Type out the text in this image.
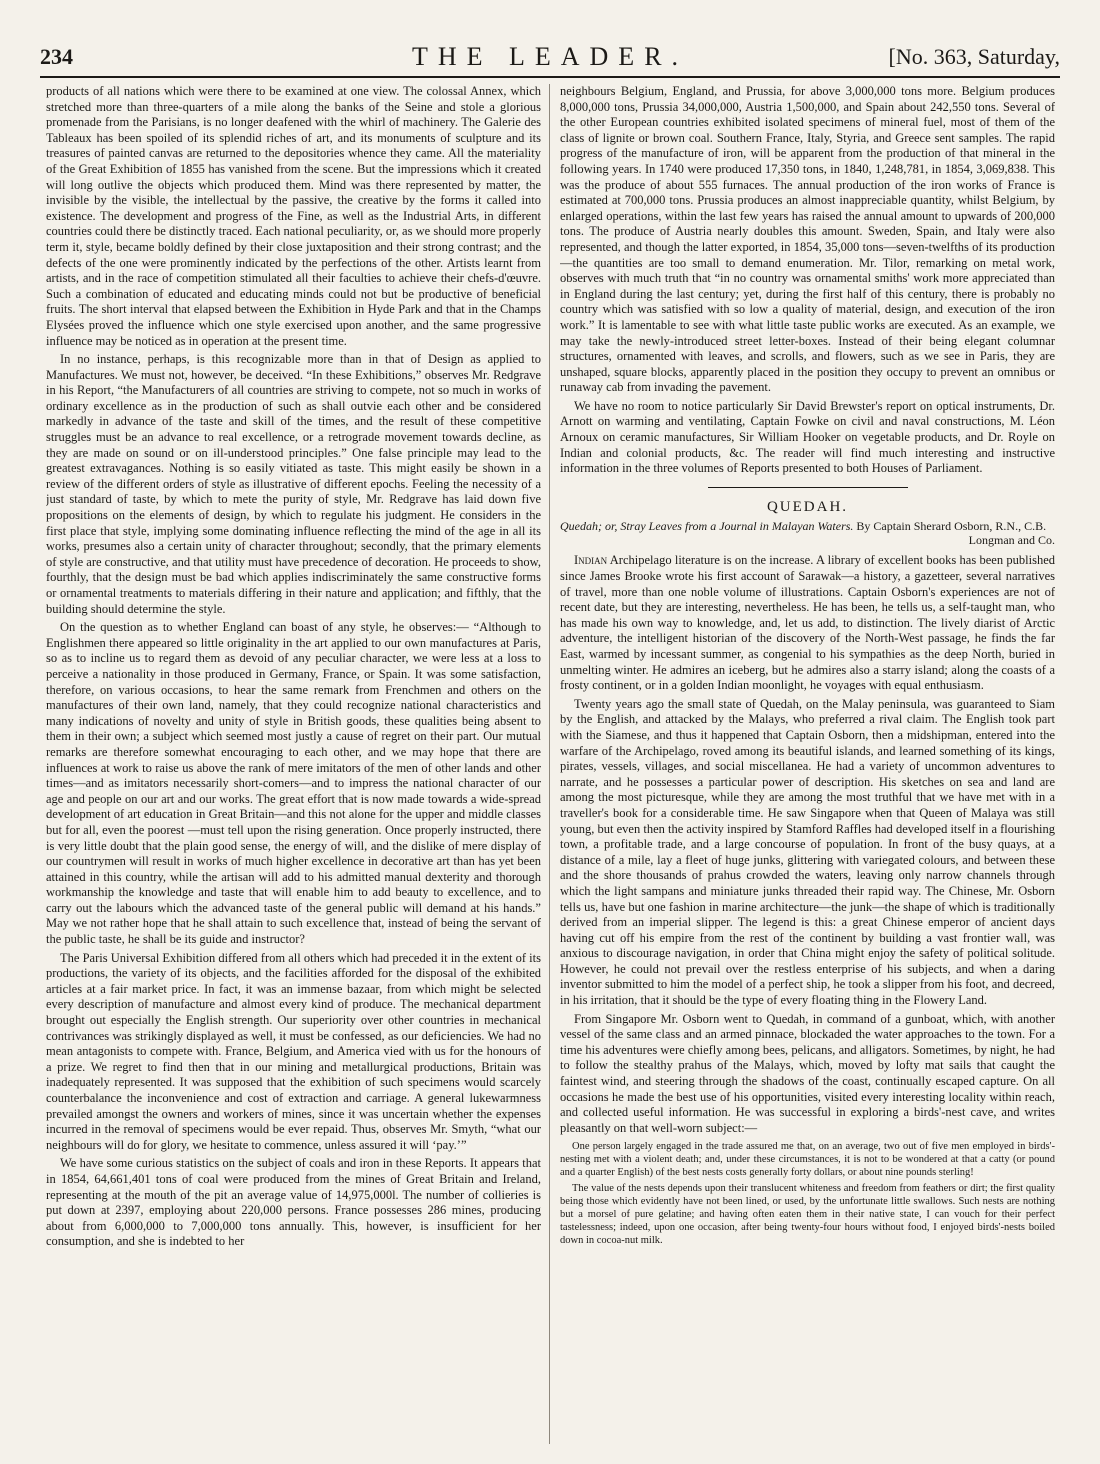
234	THE LEADER.	[No. 363, Saturday,

products of all nations which were there to be examined at one view. The colossal Annex, which stretched more than three-quarters of a mile along the banks of the Seine and stole a glorious promenade from the Parisians, is no longer deafened with the whirl of machinery. The Galerie des Tableaux has been spoiled of its splendid riches of art, and its monuments of sculpture and its treasures of painted canvas are returned to the depositories whence they came. All the materiality of the Great Exhibition of 1855 has vanished from the scene. But the impressions which it created will long outlive the objects which produced them. Mind was there represented by matter, the invisible by the visible, the intellectual by the passive, the creative by the forms it called into existence. The development and progress of the Fine, as well as the Industrial Arts, in different countries could there be distinctly traced. Each national peculiarity, or, as we should more properly term it, style, became boldly defined by their close juxtaposition and their strong contrast; and the defects of the one were prominently indicated by the perfections of the other. Artists learnt from artists, and in the race of competition stimulated all their faculties to achieve their chefs-d'œuvre. Such a combination of educated and educating minds could not but be productive of beneficial fruits. The short interval that elapsed between the Exhibition in Hyde Park and that in the Champs Elysées proved the influence which one style exercised upon another, and the same progressive influence may be noticed as in operation at the present time.

In no instance, perhaps, is this recognizable more than in that of Design as applied to Manufactures. We must not, however, be deceived. “In these Exhibitions,” observes Mr. Redgrave in his Report, “the Manufacturers of all countries are striving to compete, not so much in works of ordinary excellence as in the production of such as shall outvie each other and be considered markedly in advance of the taste and skill of the times, and the result of these competitive struggles must be an advance to real excellence, or a retrograde movement towards decline, as they are made on sound or on ill-understood principles.” One false principle may lead to the greatest extravagances. Nothing is so easily vitiated as taste. This might easily be shown in a review of the different orders of style as illustrative of different epochs. Feeling the necessity of a just standard of taste, by which to mete the purity of style, Mr. Redgrave has laid down five propositions on the elements of design, by which to regulate his judgment. He considers in the first place that style, implying some dominating influence reflecting the mind of the age in all its works, presumes also a certain unity of character throughout; secondly, that the primary elements of style are constructive, and that utility must have precedence of decoration. He proceeds to show, fourthly, that the design must be bad which applies indiscriminately the same constructive forms or ornamental treatments to materials differing in their nature and application; and fifthly, that the building should determine the style.

On the question as to whether England can boast of any style, he observes:— “Although to Englishmen there appeared so little originality in the art applied to our own manufactures at Paris, so as to incline us to regard them as devoid of any peculiar character, we were less at a loss to perceive a nationality in those produced in Germany, France, or Spain. It was some satisfaction, therefore, on various occasions, to hear the same remark from Frenchmen and others on the manufactures of their own land, namely, that they could recognize national characteristics and many indications of novelty and unity of style in British goods, these qualities being absent to them in their own; a subject which seemed most justly a cause of regret on their part. Our mutual remarks are therefore somewhat encouraging to each other, and we may hope that there are influences at work to raise us above the rank of mere imitators of the men of other lands and other times—and as imitators necessarily short-comers—and to impress the national character of our age and people on our art and our works. The great effort that is now made towards a wide-spread development of art education in Great Britain—and this not alone for the upper and middle classes but for all, even the poorest —must tell upon the rising generation. Once properly instructed, there is very little doubt that the plain good sense, the energy of will, and the dislike of mere display of our countrymen will result in works of much higher excellence in decorative art than has yet been attained in this country, while the artisan will add to his admitted manual dexterity and thorough workmanship the knowledge and taste that will enable him to add beauty to excellence, and to carry out the labours which the advanced taste of the general public will demand at his hands.” May we not rather hope that he shall attain to such excellence that, instead of being the servant of the public taste, he shall be its guide and instructor?

The Paris Universal Exhibition differed from all others which had preceded it in the extent of its productions, the variety of its objects, and the facilities afforded for the disposal of the exhibited articles at a fair market price. In fact, it was an immense bazaar, from which might be selected every description of manufacture and almost every kind of produce. The mechanical department brought out especially the English strength. Our superiority over other countries in mechanical contrivances was strikingly displayed as well, it must be confessed, as our deficiencies. We had no mean antagonists to compete with. France, Belgium, and America vied with us for the honours of a prize. We regret to find then that in our mining and metallurgical productions, Britain was inadequately represented. It was supposed that the exhibition of such specimens would scarcely counterbalance the inconvenience and cost of extraction and carriage. A general lukewarmness prevailed amongst the owners and workers of mines, since it was uncertain whether the expenses incurred in the removal of specimens would be ever repaid. Thus, observes Mr. Smyth, “what our neighbours will do for glory, we hesitate to commence, unless assured it will ‘pay.’”

We have some curious statistics on the subject of coals and iron in these Reports. It appears that in 1854, 64,661,401 tons of coal were produced from the mines of Great Britain and Ireland, representing at the mouth of the pit an average value of 14,975,000l. The number of collieries is put down at 2397, employing about 220,000 persons. France possesses 286 mines, producing about from 6,000,000 to 7,000,000 tons annually. This, however, is insufficient for her consumption, and she is indebted to her

neighbours Belgium, England, and Prussia, for above 3,000,000 tons more. Belgium produces 8,000,000 tons, Prussia 34,000,000, Austria 1,500,000, and Spain about 242,550 tons. Several of the other European countries exhibited isolated specimens of mineral fuel, most of them of the class of lignite or brown coal. Southern France, Italy, Styria, and Greece sent samples. The rapid progress of the manufacture of iron, will be apparent from the production of that mineral in the following years. In 1740 were produced 17,350 tons, in 1840, 1,248,781, in 1854, 3,069,838. This was the produce of about 555 furnaces. The annual production of the iron works of France is estimated at 700,000 tons. Prussia produces an almost inappreciable quantity, whilst Belgium, by enlarged operations, within the last few years has raised the annual amount to upwards of 200,000 tons. The produce of Austria nearly doubles this amount. Sweden, Spain, and Italy were also represented, and though the latter exported, in 1854, 35,000 tons—seven-twelfths of its production—the quantities are too small to demand enumeration. Mr. Tilor, remarking on metal work, observes with much truth that “in no country was ornamental smiths' work more appreciated than in England during the last century; yet, during the first half of this century, there is probably no country which was satisfied with so low a quality of material, design, and execution of the iron work.” It is lamentable to see with what little taste public works are executed. As an example, we may take the newly-introduced street letter-boxes. Instead of their being elegant columnar structures, ornamented with leaves, and scrolls, and flowers, such as we see in Paris, they are unshaped, square blocks, apparently placed in the position they occupy to prevent an omnibus or runaway cab from invading the pavement.

We have no room to notice particularly Sir David Brewster's report on optical instruments, Dr. Arnott on warming and ventilating, Captain Fowke on civil and naval constructions, M. Léon Arnoux on ceramic manufactures, Sir William Hooker on vegetable products, and Dr. Royle on Indian and colonial products, &c. The reader will find much interesting and instructive information in the three volumes of Reports presented to both Houses of Parliament.

QUEDAH.
Quedah; or, Stray Leaves from a Journal in Malayan Waters. By Captain Sherard Osborn, R.N., C.B.
Longman and Co.

Indian Archipelago literature is on the increase. A library of excellent books has been published since James Brooke wrote his first account of Sarawak—a history, a gazetteer, several narratives of travel, more than one noble volume of illustrations. Captain Osborn's experiences are not of recent date, but they are interesting, nevertheless. He has been, he tells us, a self-taught man, who has made his own way to knowledge, and, let us add, to distinction. The lively diarist of Arctic adventure, the intelligent historian of the discovery of the North-West passage, he finds the far East, warmed by incessant summer, as congenial to his sympathies as the deep North, buried in unmelting winter. He admires an iceberg, but he admires also a starry island; along the coasts of a frosty continent, or in a golden Indian moonlight, he voyages with equal enthusiasm.

Twenty years ago the small state of Quedah, on the Malay peninsula, was guaranteed to Siam by the English, and attacked by the Malays, who preferred a rival claim. The English took part with the Siamese, and thus it happened that Captain Osborn, then a midshipman, entered into the warfare of the Archipelago, roved among its beautiful islands, and learned something of its kings, pirates, vessels, villages, and social miscellanea. He had a variety of uncommon adventures to narrate, and he possesses a particular power of description. His sketches on sea and land are among the most picturesque, while they are among the most truthful that we have met with in a traveller's book for a considerable time. He saw Singapore when that Queen of Malaya was still young, but even then the activity inspired by Stamford Raffles had developed itself in a flourishing town, a profitable trade, and a large concourse of population. In front of the busy quays, at a distance of a mile, lay a fleet of huge junks, glittering with variegated colours, and between these and the shore thousands of prahus crowded the waters, leaving only narrow channels through which the light sampans and miniature junks threaded their rapid way. The Chinese, Mr. Osborn tells us, have but one fashion in marine architecture—the junk—the shape of which is traditionally derived from an imperial slipper. The legend is this: a great Chinese emperor of ancient days having cut off his empire from the rest of the continent by building a vast frontier wall, was anxious to discourage navigation, in order that China might enjoy the safety of political solitude. However, he could not prevail over the restless enterprise of his subjects, and when a daring inventor submitted to him the model of a perfect ship, he took a slipper from his foot, and decreed, in his irritation, that it should be the type of every floating thing in the Flowery Land.

From Singapore Mr. Osborn went to Quedah, in command of a gunboat, which, with another vessel of the same class and an armed pinnace, blockaded the water approaches to the town. For a time his adventures were chiefly among bees, pelicans, and alligators. Sometimes, by night, he had to follow the stealthy prahus of the Malays, which, moved by lofty mat sails that caught the faintest wind, and steering through the shadows of the coast, continually escaped capture. On all occasions he made the best use of his opportunities, visited every interesting locality within reach, and collected useful information. He was successful in exploring a birds'-nest cave, and writes pleasantly on that well-worn subject:—

One person largely engaged in the trade assured me that, on an average, two out of five men employed in birds'-nesting met with a violent death; and, under these circumstances, it is not to be wondered at that a catty (or pound and a quarter English) of the best nests costs generally forty dollars, or about nine pounds sterling!

The value of the nests depends upon their translucent whiteness and freedom from feathers or dirt; the first quality being those which evidently have not been lined, or used, by the unfortunate little swallows. Such nests are nothing but a morsel of pure gelatine; and having often eaten them in their native state, I can vouch for their perfect tastelessness; indeed, upon one occasion, after being twenty-four hours without food, I enjoyed birds'-nests boiled down in cocoa-nut milk.
